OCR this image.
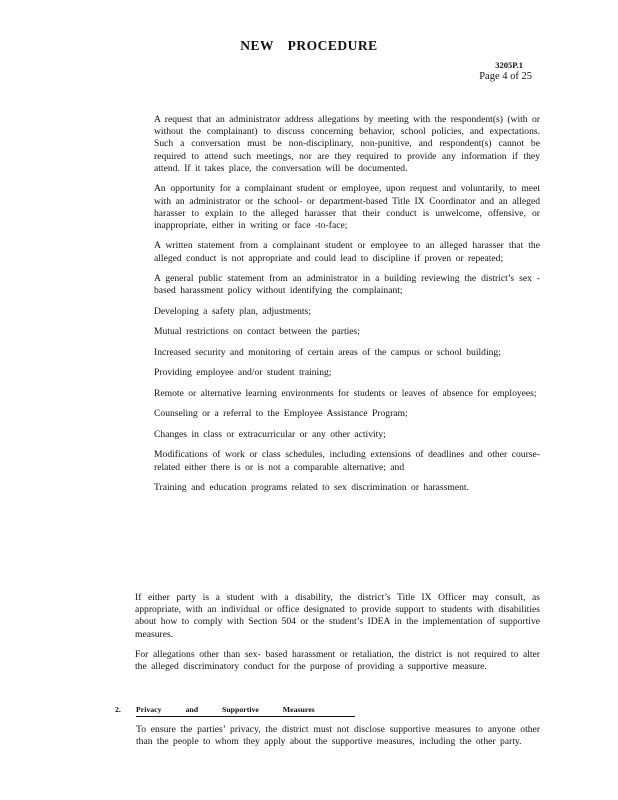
NEW PROCEDURE
3205P.1
Page 4 of 25
A request that an administrator address allegations by meeting with the respondent(s) (with or without the complainant) to discuss concerning behavior, school policies, and expectations. Such a conversation must be non-disciplinary, non-punitive, and respondent(s) cannot be required to attend such meetings, nor are they required to provide any information if they attend. If it takes place, the conversation will be documented.
An opportunity for a complainant student or employee, upon request and voluntarily, to meet with an administrator or the school- or department-based Title IX Coordinator and an alleged harasser to explain to the alleged harasser that their conduct is unwelcome, offensive, or inappropriate, either in writing or face -to-face;
A written statement from a complainant student or employee to an alleged harasser that the alleged conduct is not appropriate and could lead to discipline if proven or repeated;
A general public statement from an administrator in a building reviewing the district’s sex -based harassment policy without identifying the complainant;
Developing a safety plan, adjustments;
Mutual restrictions on contact between the parties;
Increased security and monitoring of certain areas of the campus or school building;
Providing employee and/or student training;
Remote or alternative learning environments for students or leaves of absence for employees;
Counseling or a referral to the Employee Assistance Program;
Changes in class or extracurricular or any other activity;
Modifications of work or class schedules, including extensions of deadlines and other course- related either there is or is not a comparable alternative; and
Training and education programs related to sex discrimination or harassment.

If either party is a student with a disability, the district’s Title IX Officer may consult, as appropriate, with an individual or office designated to provide support to students with disabilities about how to comply with Section 504 or the student’s IDEA in the implementation of supportive measures.

For allegations other than sex- based harassment or retaliation, the district is not required to alter the alleged discriminatory conduct for the purpose of providing a supportive measure.

2. Privacy and Supportive Measures
To ensure the parties’ privacy, the district must not disclose supportive measures to anyone other than the people to whom they apply about the supportive measures, including the other party.
